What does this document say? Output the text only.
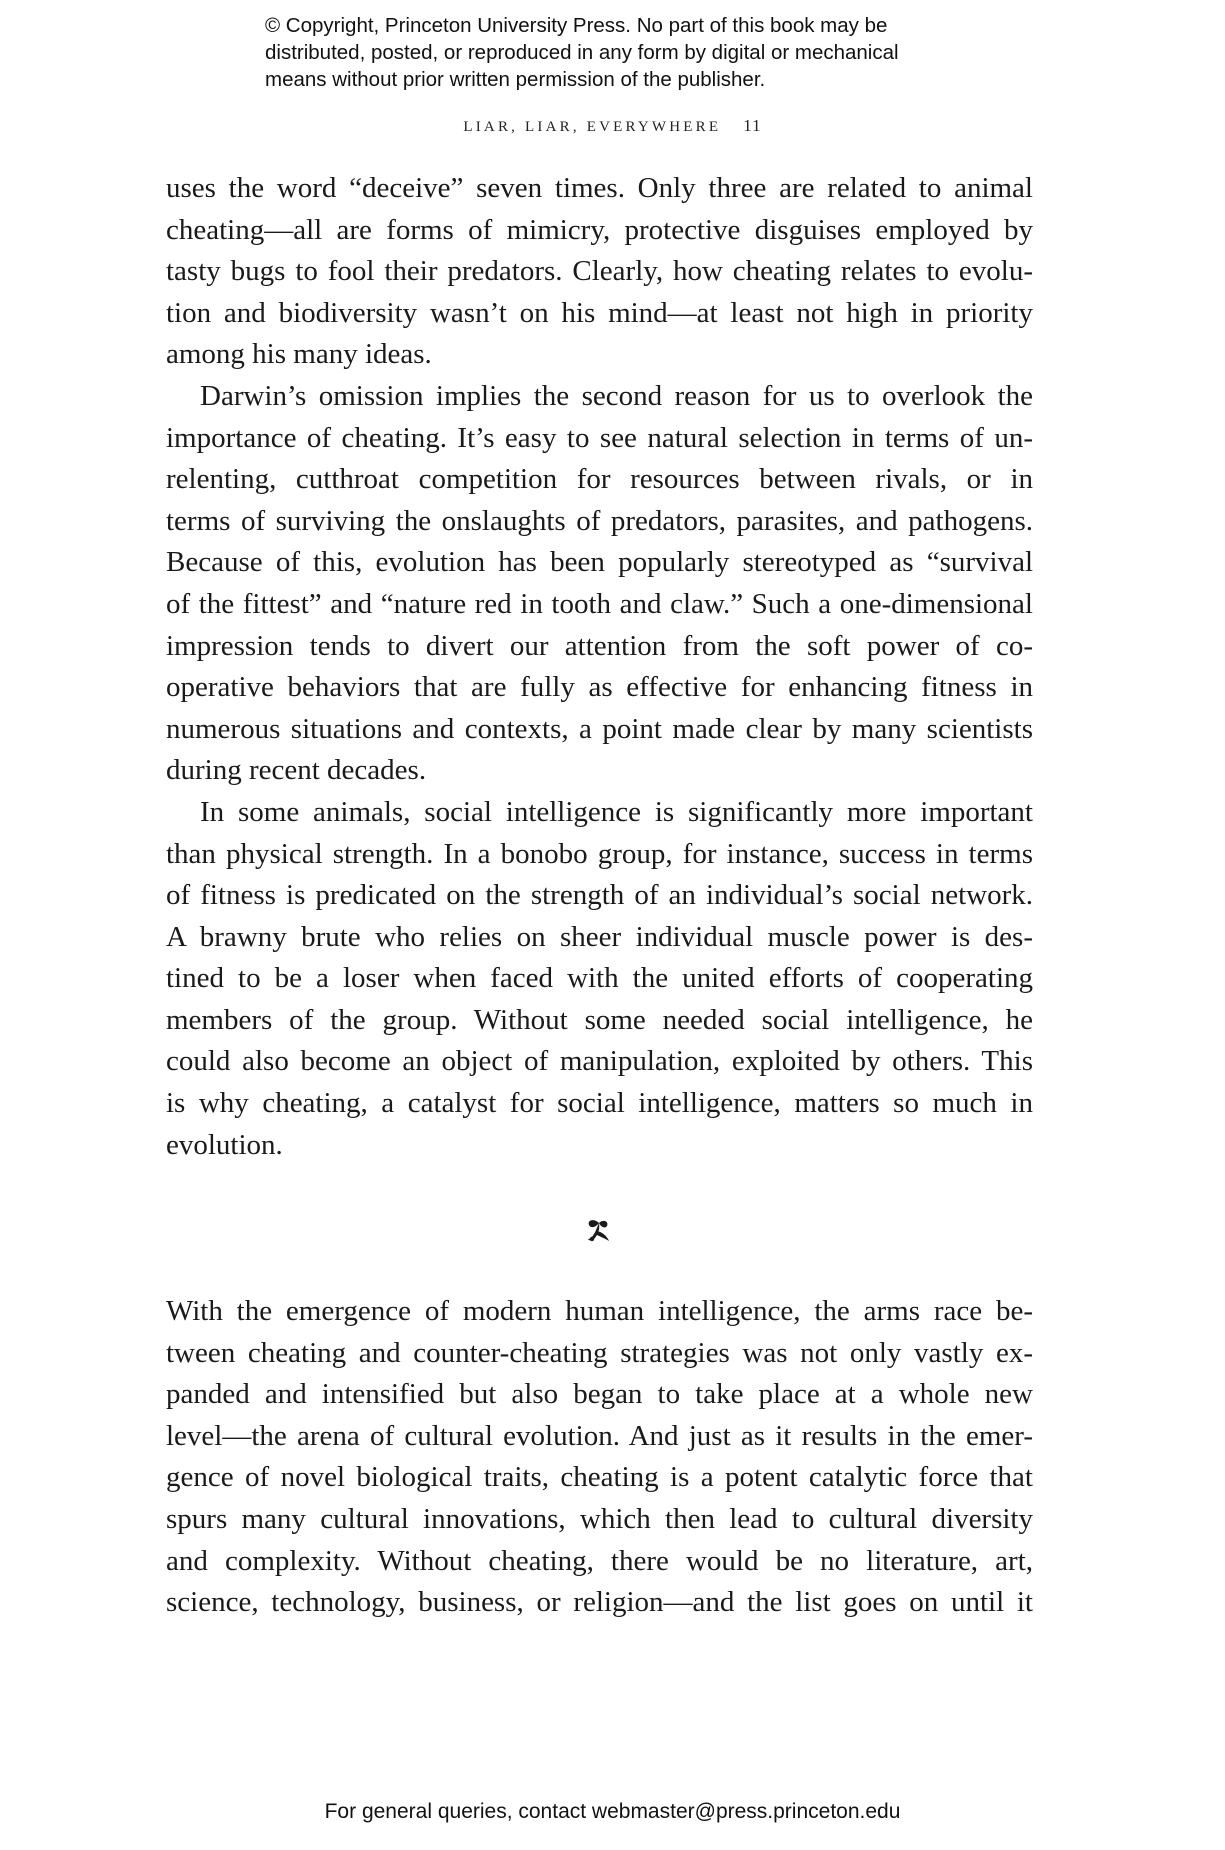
© Copyright, Princeton University Press. No part of this book may be
distributed, posted, or reproduced in any form by digital or mechanical
means without prior written permission of the publisher.
LIAR, LIAR, EVERYWHERE 11
uses the word “deceive” seven times. Only three are related to animal
cheating—all are forms of mimicry, protective disguises employed by
tasty bugs to fool their predators. Clearly, how cheating relates to evolu-
tion and biodiversity wasn’t on his mind—at least not high in priority
among his many ideas.
Darwin’s omission implies the second reason for us to overlook the
importance of cheating. It’s easy to see natural selection in terms of un-
relenting, cutthroat competition for resources between rivals, or in
terms of surviving the onslaughts of predators, parasites, and pathogens.
Because of this, evolution has been popularly stereotyped as “survival
of the fittest” and “nature red in tooth and claw.” Such a one-dimensional
impression tends to divert our attention from the soft power of co-
operative behaviors that are fully as effective for enhancing fitness in
numerous situations and contexts, a point made clear by many scientists
during recent decades.
In some animals, social intelligence is significantly more important
than physical strength. In a bonobo group, for instance, success in terms
of fitness is predicated on the strength of an individual’s social network.
A brawny brute who relies on sheer individual muscle power is des-
tined to be a loser when faced with the united efforts of cooperating
members of the group. Without some needed social intelligence, he
could also become an object of manipulation, exploited by others. This
is why cheating, a catalyst for social intelligence, matters so much in
evolution.
With the emergence of modern human intelligence, the arms race be-
tween cheating and counter-cheating strategies was not only vastly ex-
panded and intensified but also began to take place at a whole new
level—the arena of cultural evolution. And just as it results in the emer-
gence of novel biological traits, cheating is a potent catalytic force that
spurs many cultural innovations, which then lead to cultural diversity
and complexity. Without cheating, there would be no literature, art,
science, technology, business, or religion—and the list goes on until it
For general queries, contact webmaster@press.princeton.edu
